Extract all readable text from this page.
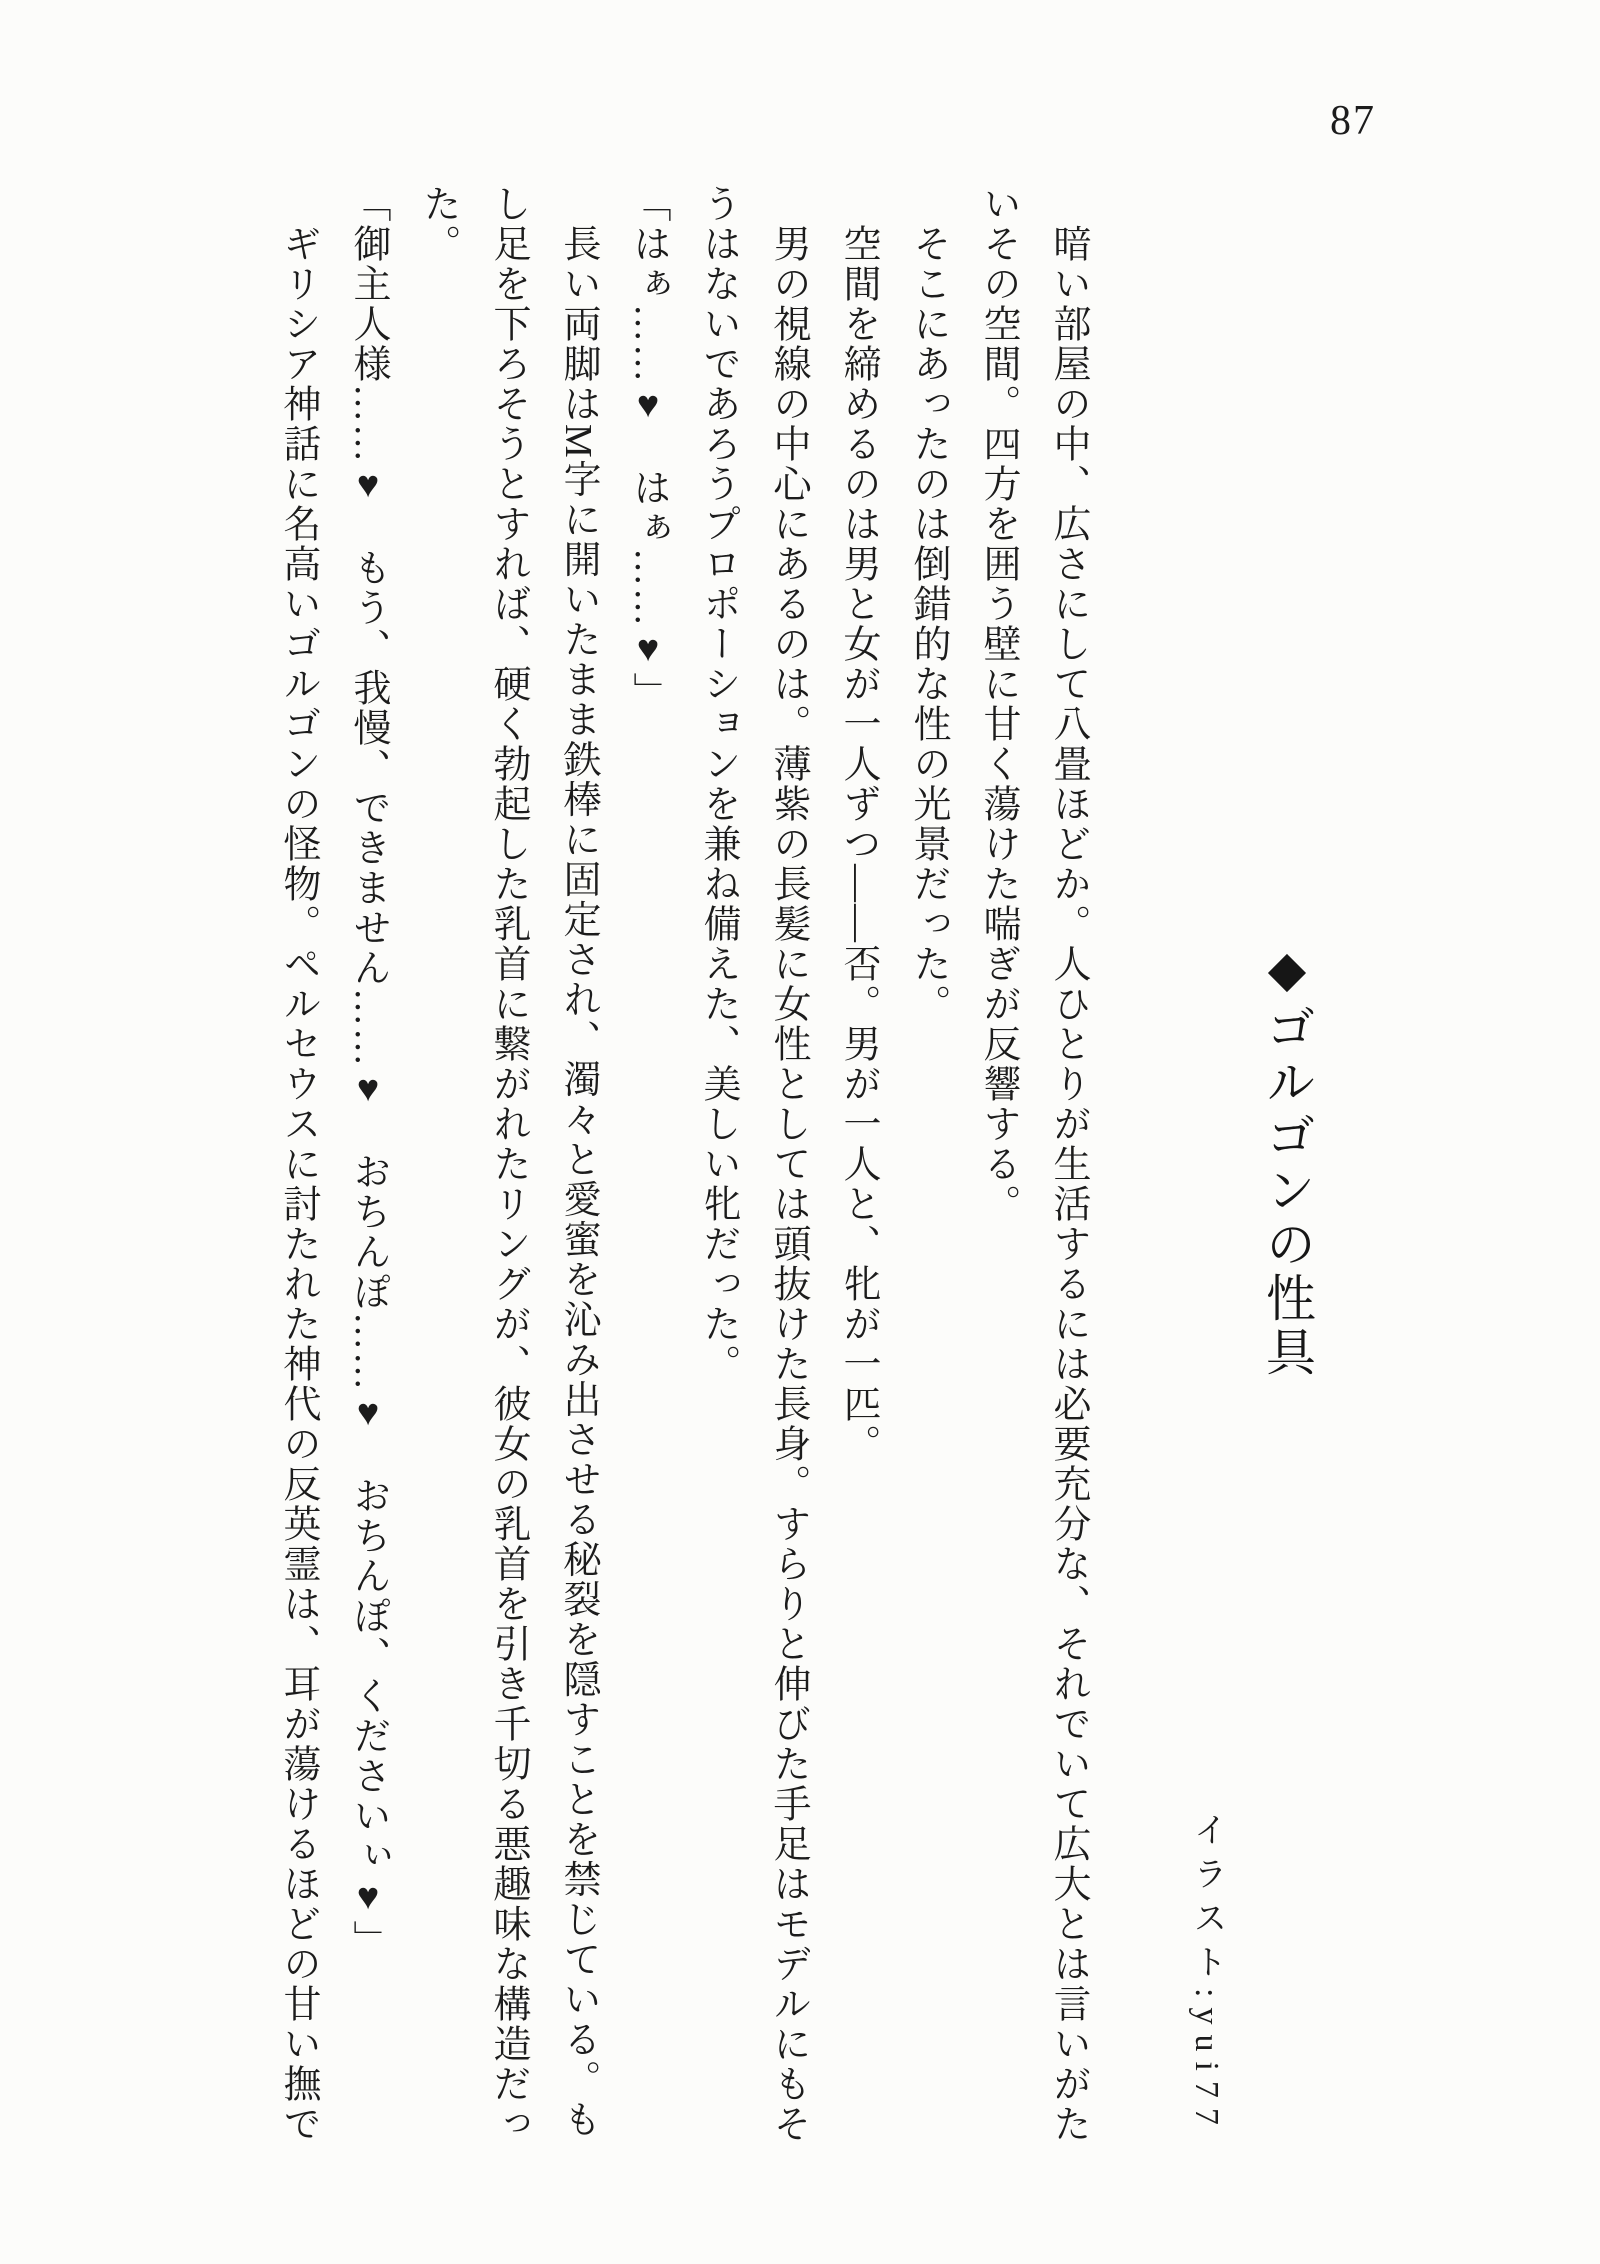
87
◆ゴルゴンの性具
イラスト:yui77

　暗い部屋の中、広さにして八畳ほどか。人ひとりが生活するには必要充分な、それでいて広大とは言いがた

いその空間。四方を囲う壁に甘く蕩けた喘ぎが反響する。

　そこにあったのは倒錯的な性の光景だった。

　空間を締めるのは男と女が一人ずつ――否。男が一人と、牝が一匹。

　男の視線の中心にあるのは。薄紫の長髪に女性としては頭抜けた長身。すらりと伸びた手足はモデルにもそ

うはないであろうプロポーションを兼ね備えた、美しい牝だった。

「はぁ……♥　はぁ……♥」

　長い両脚はM字に開いたまま鉄棒に固定され、濁々と愛蜜を沁み出させる秘裂を隠すことを禁じている。も

し足を下ろそうとすれば、硬く勃起した乳首に繋がれたリングが、彼女の乳首を引き千切る悪趣味な構造だっ

た。

「御主人様……♥　もう、我慢、できません……♥　おちんぽ……♥　おちんぽ、くださいぃ♥」

　ギリシア神話に名高いゴルゴンの怪物。ペルセウスに討たれた神代の反英霊は、耳が蕩けるほどの甘い撫で
